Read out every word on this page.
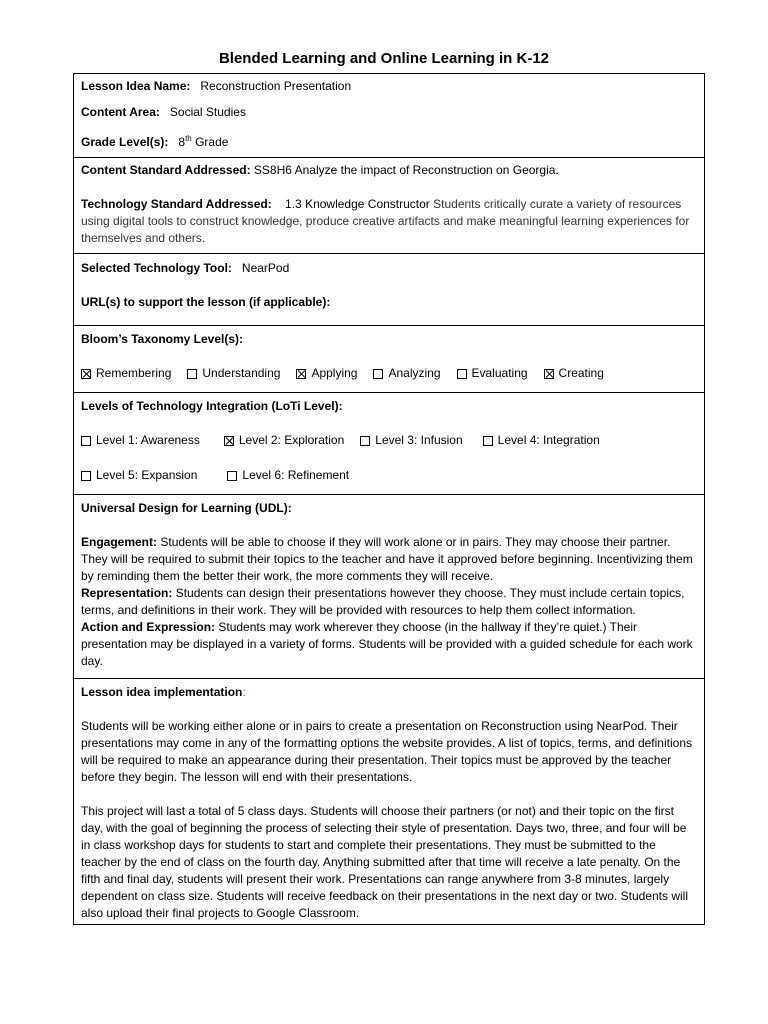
Blended Learning and Online Learning in K-12
Lesson Idea Name: Reconstruction Presentation
Content Area: Social Studies
Grade Level(s): 8th Grade

Content Standard Addressed: SS8H6 Analyze the impact of Reconstruction on Georgia.
Technology Standard Addressed: 1.3 Knowledge Constructor Students critically curate a variety of resources using digital tools to construct knowledge, produce creative artifacts and make meaningful learning experiences for themselves and others.

Selected Technology Tool: NearPod
URL(s) to support the lesson (if applicable):

Bloom’s Taxonomy Level(s):
Remembering	Understanding	Applying	Analyzing	Evaluating	Creating

Levels of Technology Integration (LoTi Level):
Level 1: Awareness	Level 2: Exploration	Level 3: Infusion	Level 4: Integration
Level 5: Expansion	Level 6: Refinement

Universal Design for Learning (UDL):
Engagement: Students will be able to choose if they will work alone or in pairs. They may choose their partner. They will be required to submit their topics to the teacher and have it approved before beginning. Incentivizing them by reminding them the better their work, the more comments they will receive.
Representation: Students can design their presentations however they choose. They must include certain topics, terms, and definitions in their work. They will be provided with resources to help them collect information.
Action and Expression: Students may work wherever they choose (in the hallway if they’re quiet.) Their presentation may be displayed in a variety of forms. Students will be provided with a guided schedule for each work day.

Lesson idea implementation:
Students will be working either alone or in pairs to create a presentation on Reconstruction using NearPod. Their presentations may come in any of the formatting options the website provides. A list of topics, terms, and definitions will be required to make an appearance during their presentation. Their topics must be approved by the teacher before they begin. The lesson will end with their presentations.
This project will last a total of 5 class days. Students will choose their partners (or not) and their topic on the first day, with the goal of beginning the process of selecting their style of presentation. Days two, three, and four will be in class workshop days for students to start and complete their presentations. They must be submitted to the teacher by the end of class on the fourth day. Anything submitted after that time will receive a late penalty. On the fifth and final day, students will present their work. Presentations can range anywhere from 3-8 minutes, largely dependent on class size. Students will receive feedback on their presentations in the next day or two. Students will also upload their final projects to Google Classroom.
